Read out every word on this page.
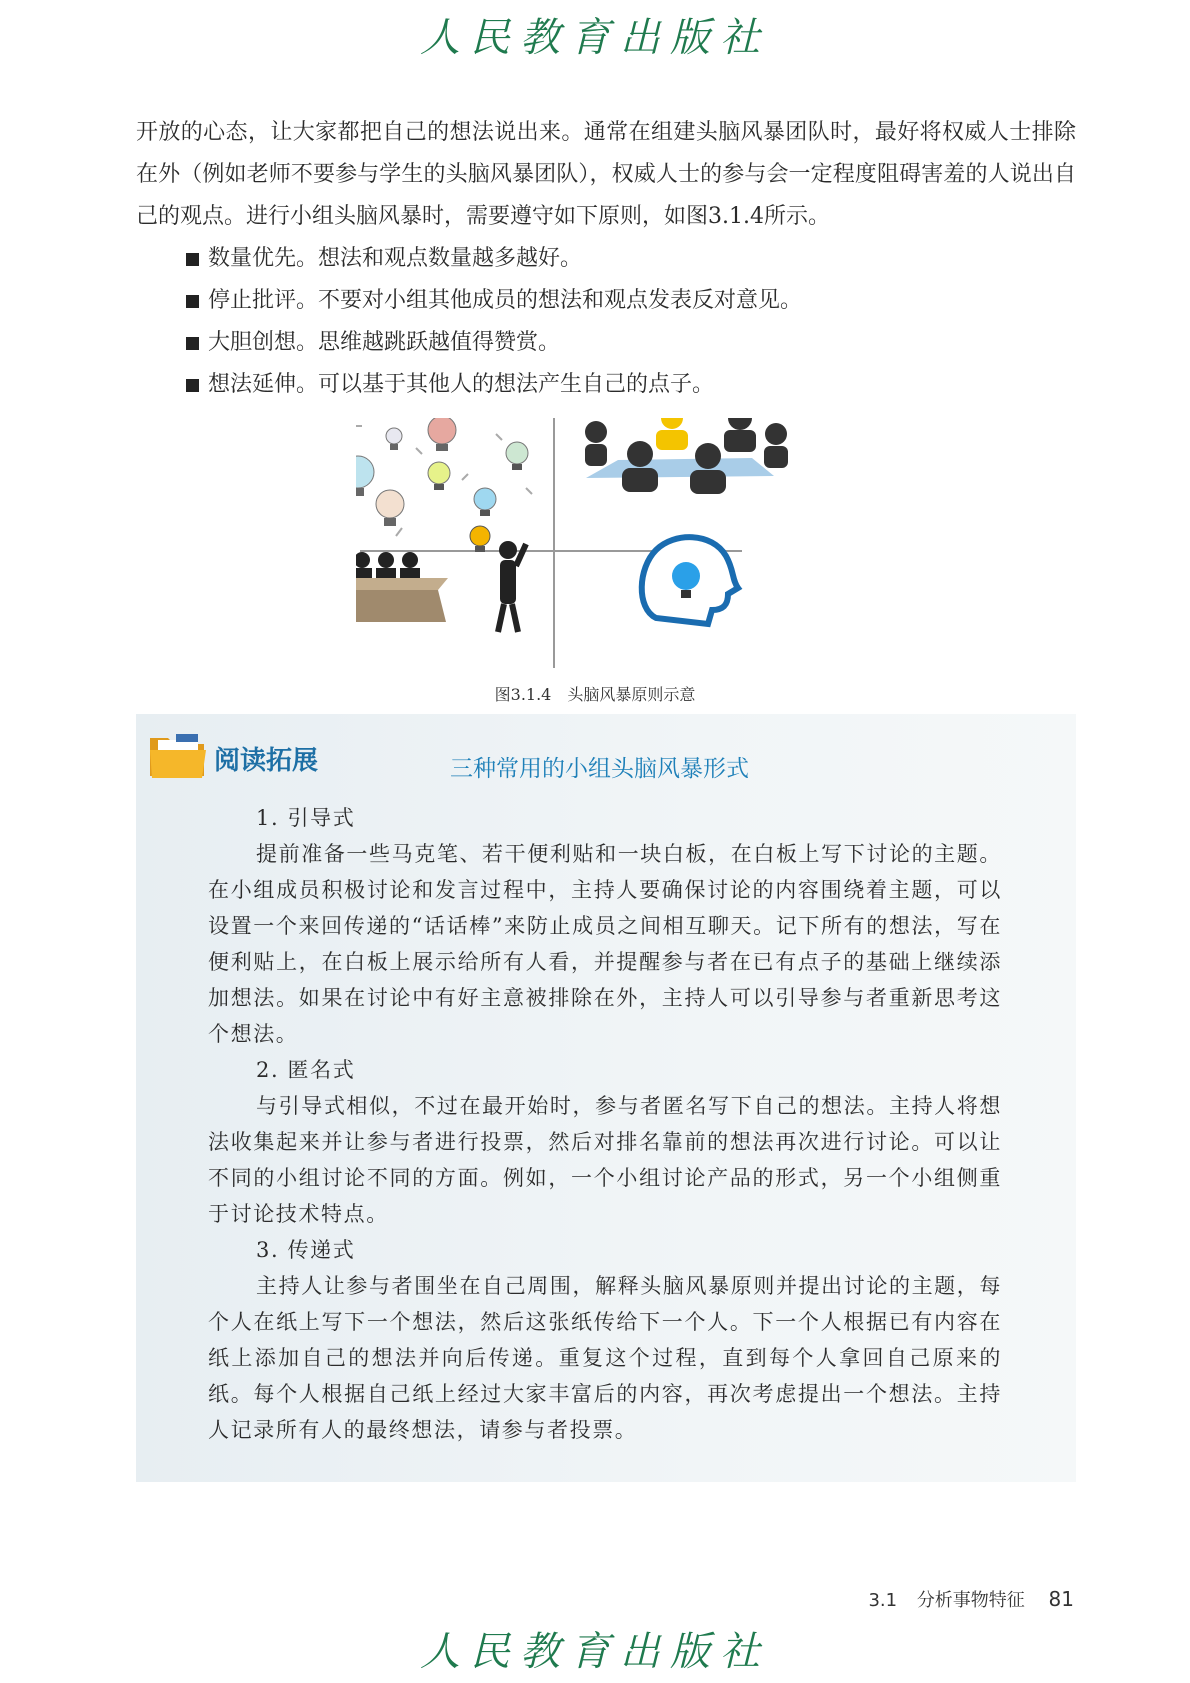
人民教育出版社

开放的心态，让大家都把自己的想法说出来。通常在组建头脑风暴团队时，最好将权威人士排除在外（例如老师不要参与学生的头脑风暴团队），权威人士的参与会一定程度阻碍害羞的人说出自己的观点。进行小组头脑风暴时，需要遵守如下原则，如图3.1.4所示。

数量优先。想法和观点数量越多越好。
停止批评。不要对小组其他成员的想法和观点发表反对意见。
大胆创想。思维越跳跃越值得赞赏。
想法延伸。可以基于其他人的想法产生自己的点子。
图3.1.4　头脑风暴原则示意
阅读拓展	三种常用的小组头脑风暴形式

1. 引导式

提前准备一些马克笔、若干便利贴和一块白板，在白板上写下讨论的主题。在小组成员积极讨论和发言过程中，主持人要确保讨论的内容围绕着主题，可以设置一个来回传递的“话话棒”来防止成员之间相互聊天。记下所有的想法，写在便利贴上，在白板上展示给所有人看，并提醒参与者在已有点子的基础上继续添加想法。如果在讨论中有好主意被排除在外，主持人可以引导参与者重新思考这个想法。

2. 匿名式

与引导式相似，不过在最开始时，参与者匿名写下自己的想法。主持人将想法收集起来并让参与者进行投票，然后对排名靠前的想法再次进行讨论。可以让不同的小组讨论不同的方面。例如，一个小组讨论产品的形式，另一个小组侧重于讨论技术特点。

3. 传递式

主持人让参与者围坐在自己周围，解释头脑风暴原则并提出讨论的主题，每个人在纸上写下一个想法，然后这张纸传给下一个人。下一个人根据已有内容在纸上添加自己的想法并向后传递。重复这个过程，直到每个人拿回自己原来的纸。每个人根据自己纸上经过大家丰富后的内容，再次考虑提出一个想法。主持人记录所有人的最终想法，请参与者投票。

3.1 分析事物特征 81
人民教育出版社
